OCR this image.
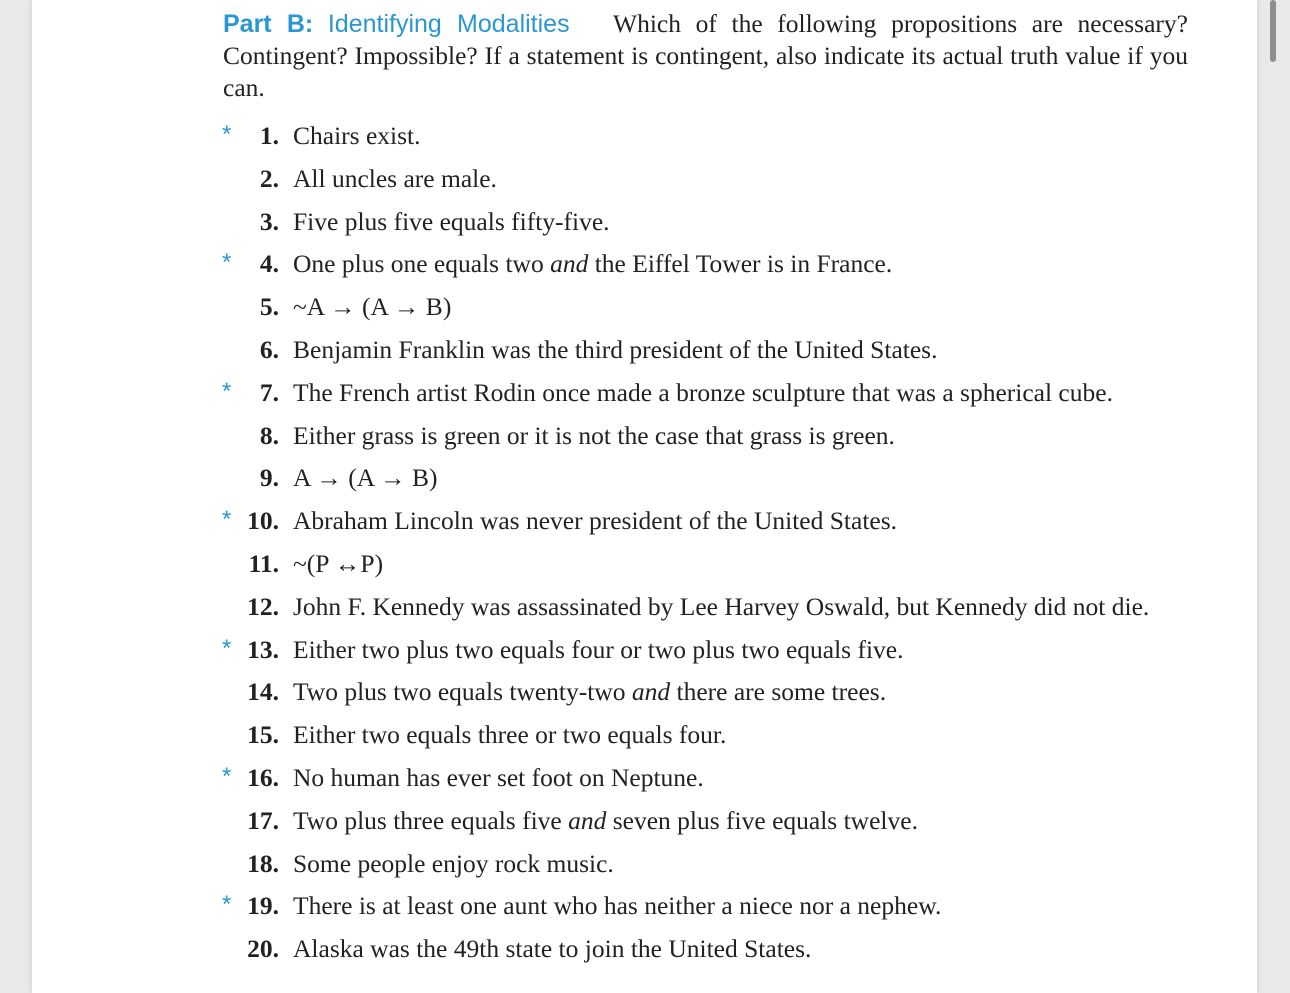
Part B: Identifying Modalities Which of the following propositions are necessary? Contingent? Impossible? If a statement is contingent, also indicate its actual truth value if you can.

* 1. Chairs exist.
2. All uncles are male.
3. Five plus five equals fifty-five.
* 4. One plus one equals two and the Eiffel Tower is in France.
5. ~A → (A → B)
6. Benjamin Franklin was the third president of the United States.
* 7. The French artist Rodin once made a bronze sculpture that was a spherical cube.
8. Either grass is green or it is not the case that grass is green.
9. A → (A → B)
* 10. Abraham Lincoln was never president of the United States.
11. ~(P ↔P)
12. John F. Kennedy was assassinated by Lee Harvey Oswald, but Kennedy did not die.
* 13. Either two plus two equals four or two plus two equals five.
14. Two plus two equals twenty-two and there are some trees.
15. Either two equals three or two equals four.
* 16. No human has ever set foot on Neptune.
17. Two plus three equals five and seven plus five equals twelve.
18. Some people enjoy rock music.
* 19. There is at least one aunt who has neither a niece nor a nephew.
20. Alaska was the 49th state to join the United States.
